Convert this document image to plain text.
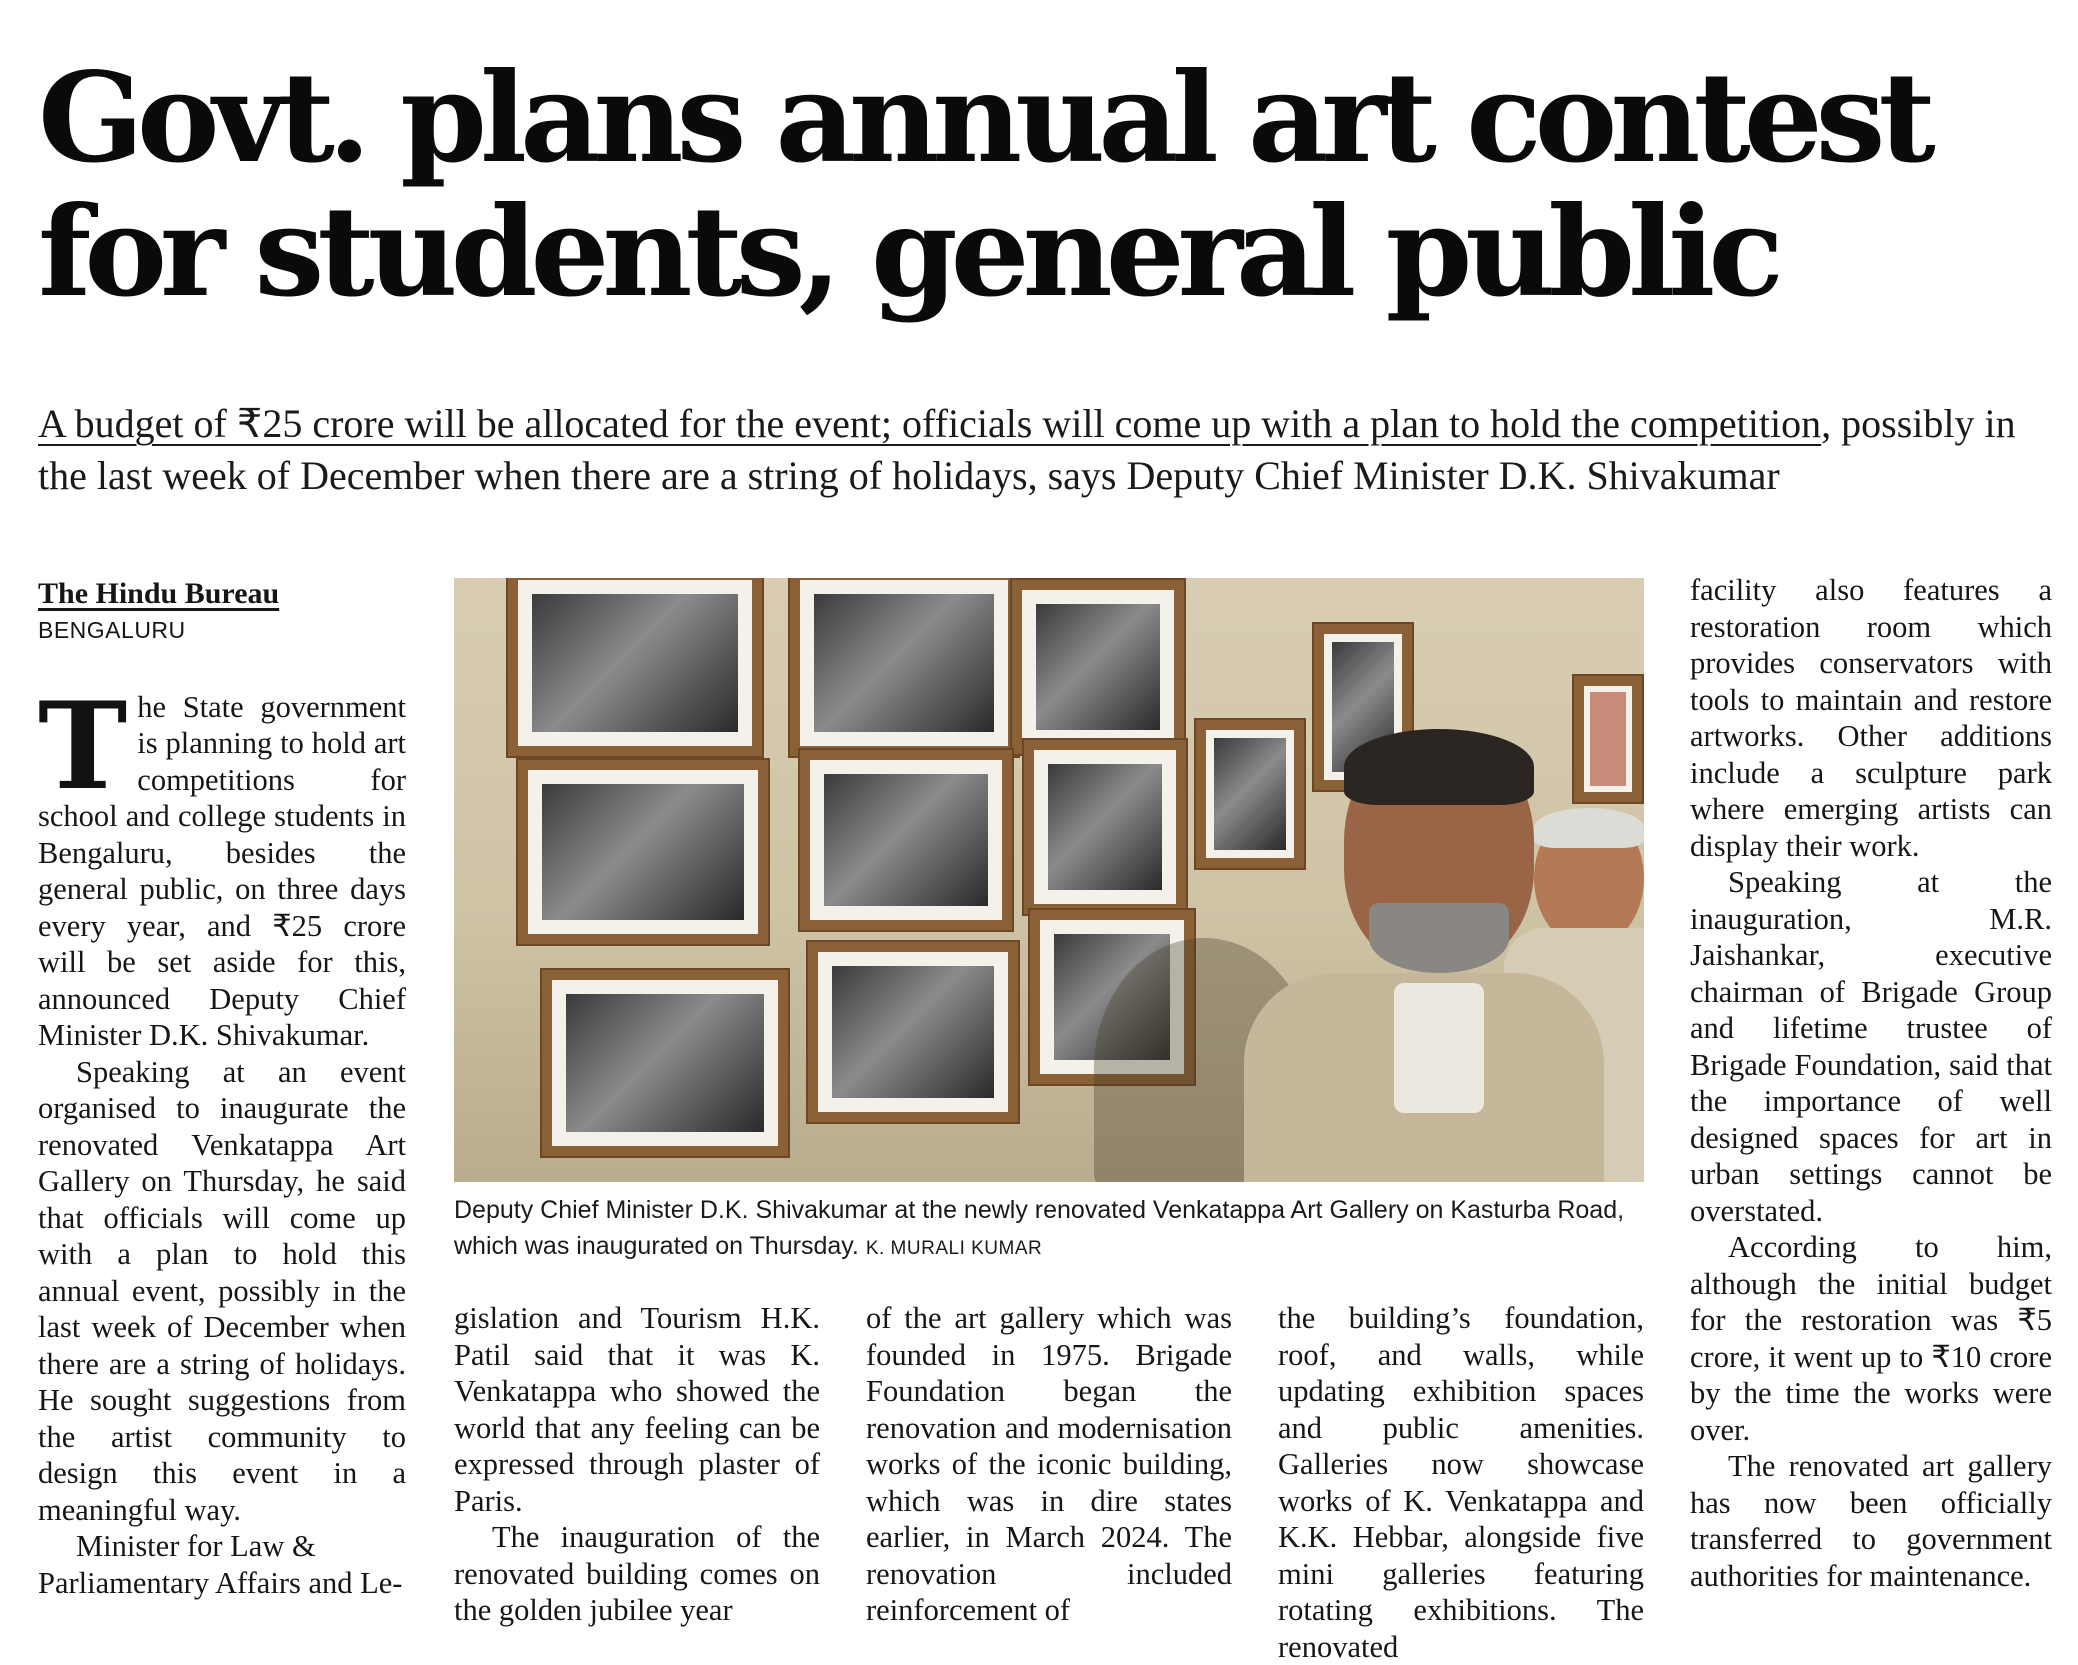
Govt. plans annual art contest
for students, general public
A budget of ₹25 crore will be allocated for the event; officials will come up with a plan to hold the competition, possibly in the last week of December when there are a string of holidays, says Deputy Chief Minister D.K. Shivakumar

The Hindu Bureau

BENGALURU

The State government is planning to hold art competitions for school and college students in Bengaluru, besides the general public, on three days every year, and ₹25 crore will be set aside for this, announced Deputy Chief Minister D.K. Shivakumar.

Speaking at an event organised to inaugurate the renovated Venkatappa Art Gallery on Thursday, he said that officials will come up with a plan to hold this annual event, possibly in the last week of December when there are a string of holidays. He sought suggestions from the artist community to design this event in a meaningful way.

Minister for Law & Parliamentary Affairs and Le-

Deputy Chief Minister D.K. Shivakumar at the newly renovated Venkatappa Art Gallery on Kasturba Road, which was inaugurated on Thursday. K. MURALI KUMAR

gislation and Tourism H.K. Patil said that it was K. Venkatappa who showed the world that any feeling can be expressed through plaster of Paris.

The inauguration of the renovated building comes on the golden jubilee year

of the art gallery which was founded in 1975. Brigade Foundation began the renovation and modernisation works of the iconic building, which was in dire states earlier, in March 2024. The renovation included reinforcement of

the building’s foundation, roof, and walls, while updating exhibition spaces and public amenities. Galleries now showcase works of K. Venkatappa and K.K. Hebbar, alongside five mini galleries featuring rotating exhibitions. The renovated

facility also features a restoration room which provides conservators with tools to maintain and restore artworks. Other additions include a sculpture park where emerging artists can display their work.

Speaking at the inauguration, M.R. Jaishankar, executive chairman of Brigade Group and lifetime trustee of Brigade Foundation, said that the importance of well designed spaces for art in urban settings cannot be overstated.

According to him, although the initial budget for the restoration was ₹5 crore, it went up to ₹10 crore by the time the works were over.

The renovated art gallery has now been officially transferred to government authorities for maintenance.
